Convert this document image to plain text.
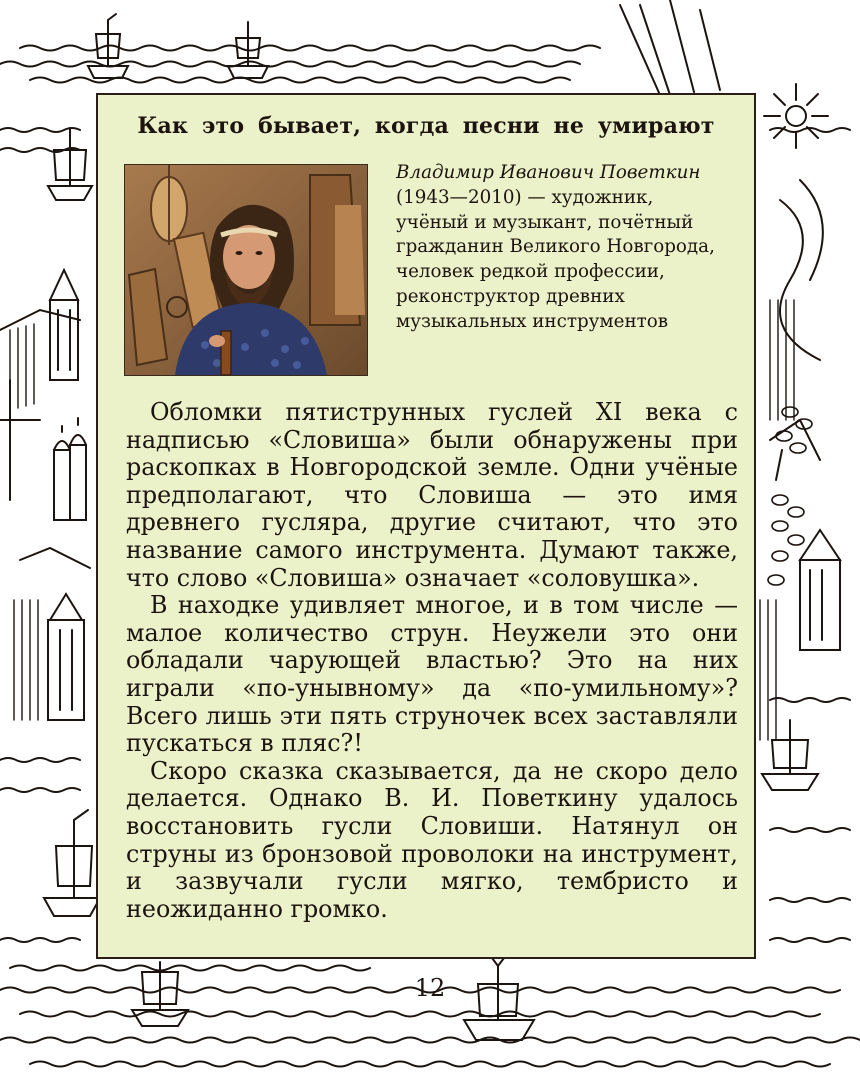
Как это бывает, когда песни не умирают
Владимир Иванович Поветкин (1943—2010) — художник, учёный и музыкант, почётный гражданин Великого Новгорода, человек редкой профессии, реконструктор древних музыкальных инструментов

Обломки пятиструнных гуслей XI века с надписью «Словиша» были обнаружены при раскопках в Новгородской земле. Одни учёные предполагают, что Словиша — это имя древнего гусляра, другие считают, что это название самого инструмента. Думают также, что слово «Словиша» означает «соловушка».

В находке удивляет многое, и в том числе — малое количество струн. Неужели это они обладали чарующей властью? Это на них играли «по-унывному» да «по-умильному»? Всего лишь эти пять струночек всех заставляли пускаться в пляс?!

Скоро сказка сказывается, да не скоро дело делается. Однако В. И. Поветкину удалось восстановить гусли Словиши. Натянул он струны из бронзовой проволоки на инструмент, и зазвучали гусли мягко, тембристо и неожиданно громко.

12
